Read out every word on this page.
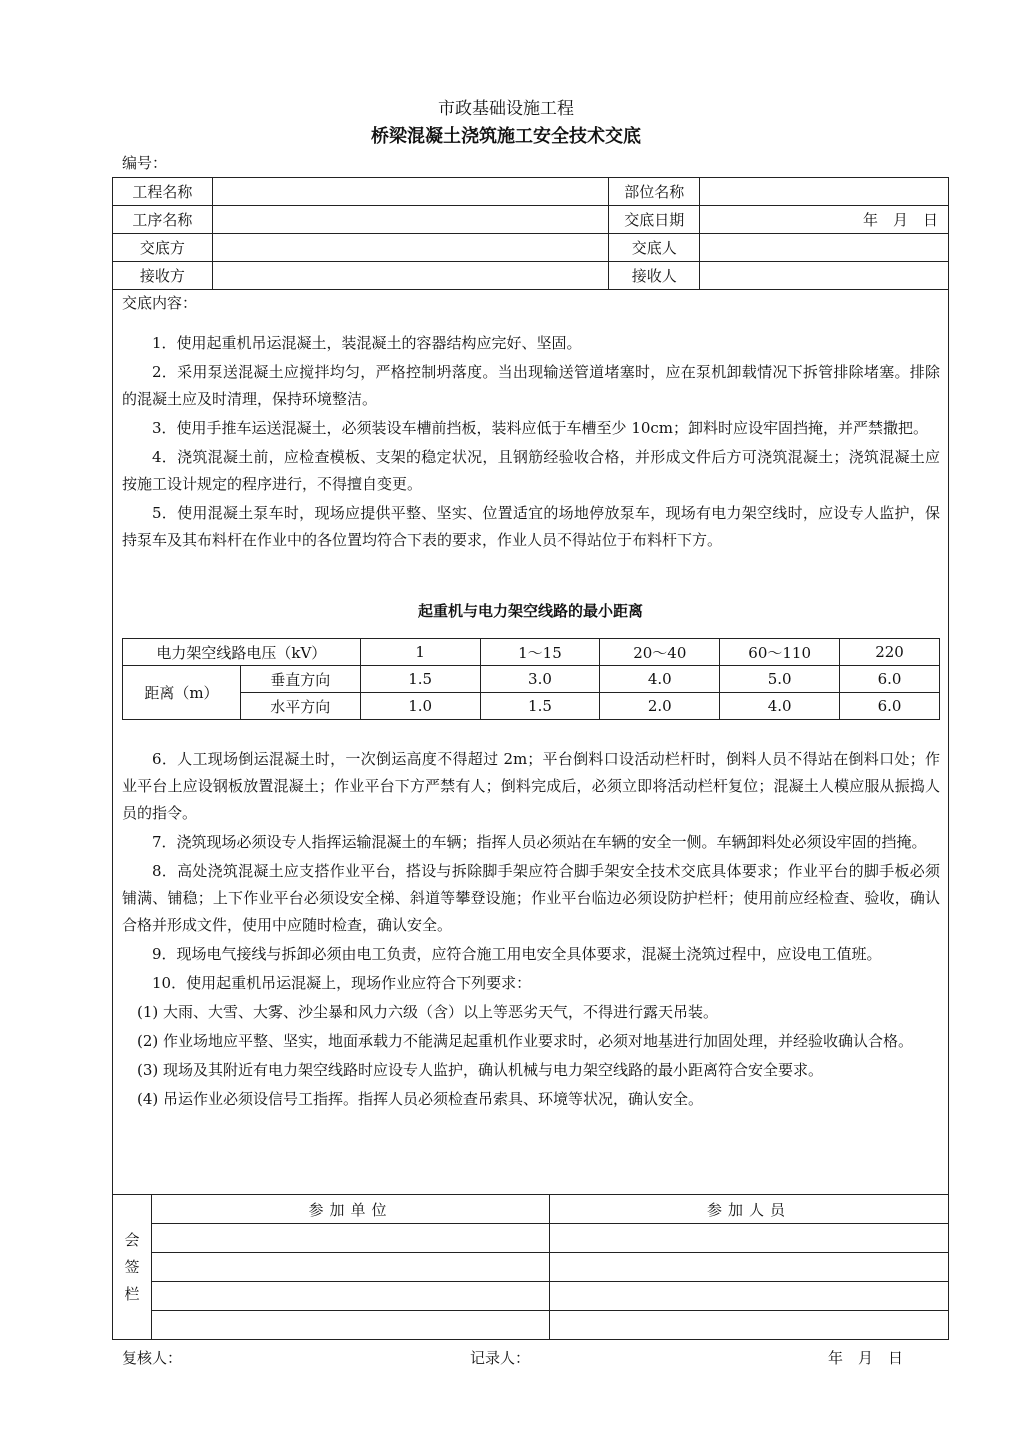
市政基础设施工程
桥梁混凝土浇筑施工安全技术交底
编号：
工程名称		部位名称	
工序名称		交底日期	年　月　日
交底方		交底人	
接收方		接收人	
交底内容：

1．使用起重机吊运混凝土，装混凝土的容器结构应完好、坚固。

2．采用泵送混凝土应搅拌均匀，严格控制坍落度。当出现输送管道堵塞时，应在泵机卸载情况下拆管排除堵塞。排除的混凝土应及时清理，保持环境整洁。

3．使用手推车运送混凝土，必须装设车槽前挡板，装料应低于车槽至少 10cm；卸料时应设牢固挡掩，并严禁撒把。

4．浇筑混凝土前，应检查模板、支架的稳定状况，且钢筋经验收合格，并形成文件后方可浇筑混凝土；浇筑混凝土应按施工设计规定的程序进行，不得擅自变更。

5．使用混凝土泵车时，现场应提供平整、坚实、位置适宜的场地停放泵车，现场有电力架空线时，应设专人监护，保持泵车及其布料杆在作业中的各位置均符合下表的要求，作业人员不得站位于布料杆下方。

起重机与电力架空线路的最小距离
电力架空线路电压（kV）		1	1～15	20～40	60～110	220
距离（m）	垂直方向	1.5	3.0	4.0	5.0	6.0
	水平方向	1.0	1.5	2.0	4.0	6.0

6．人工现场倒运混凝土时，一次倒运高度不得超过 2m；平台倒料口设活动栏杆时，倒料人员不得站在倒料口处；作业平台上应设钢板放置混凝土；作业平台下方严禁有人；倒料完成后，必须立即将活动栏杆复位；混凝土人模应服从振捣人员的指令。

7．浇筑现场必须设专人指挥运输混凝土的车辆；指挥人员必须站在车辆的安全一侧。车辆卸料处必须设牢固的挡掩。

8．高处浇筑混凝土应支搭作业平台，搭设与拆除脚手架应符合脚手架安全技术交底具体要求；作业平台的脚手板必须铺满、铺稳；上下作业平台必须设安全梯、斜道等攀登设施；作业平台临边必须设防护栏杆；使用前应经检查、验收，确认合格并形成文件，使用中应随时检查，确认安全。

9．现场电气接线与拆卸必须由电工负责，应符合施工用电安全具体要求，混凝土浇筑过程中，应设电工值班。

10．使用起重机吊运混凝上，现场作业应符合下列要求：

(1) 大雨、大雪、大雾、沙尘暴和风力六级（含）以上等恶劣天气，不得进行露天吊装。

(2) 作业场地应平整、坚实，地面承载力不能满足起重机作业要求时，必须对地基进行加固处理，并经验收确认合格。

(3) 现场及其附近有电力架空线路时应设专人监护，确认机械与电力架空线路的最小距离符合安全要求。

(4) 吊运作业必须设信号工指挥。指挥人员必须检查吊索具、环境等状况，确认安全。

会
签
栏	参加单位	参加人员

复核人：	记录人：	年　月　日
